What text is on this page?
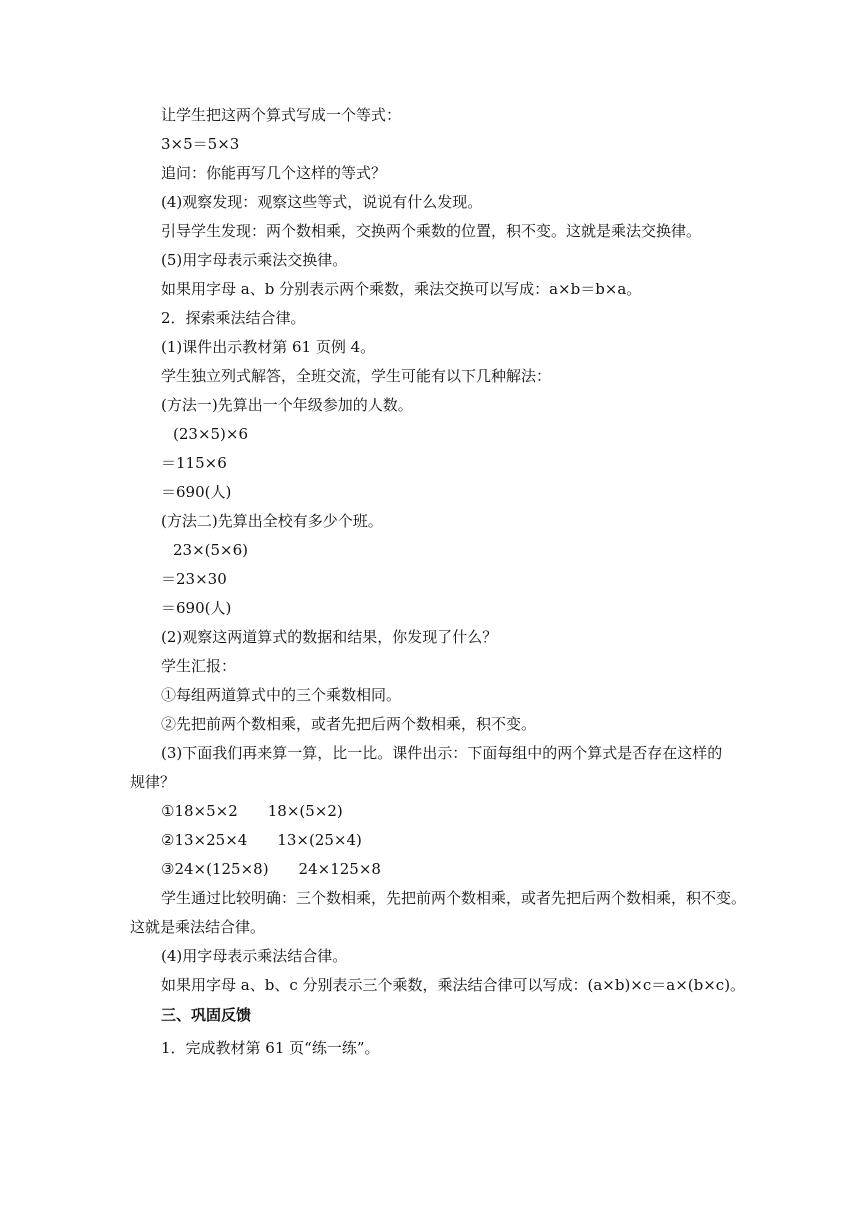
让学生把这两个算式写成一个等式：
3×5＝5×3
追问：你能再写几个这样的等式？
(4)观察发现：观察这些等式，说说有什么发现。
引导学生发现：两个数相乘，交换两个乘数的位置，积不变。这就是乘法交换律。
(5)用字母表示乘法交换律。
如果用字母 a、b 分别表示两个乘数，乘法交换可以写成：a×b＝b×a。
2．探索乘法结合律。
(1)课件出示教材第 61 页例 4。
学生独立列式解答，全班交流，学生可能有以下几种解法：
(方法一)先算出一个年级参加的人数。
(23×5)×6
＝115×6
＝690(人)
(方法二)先算出全校有多少个班。
23×(5×6)
＝23×30
＝690(人)
(2)观察这两道算式的数据和结果，你发现了什么？
学生汇报：
①每组两道算式中的三个乘数相同。
②先把前两个数相乘，或者先把后两个数相乘，积不变。
(3)下面我们再来算一算，比一比。课件出示：下面每组中的两个算式是否存在这样的
规律？
①18×5×2　　18×(5×2)
②13×25×4　　13×(25×4)
③24×(125×8)　　24×125×8
学生通过比较明确：三个数相乘，先把前两个数相乘，或者先把后两个数相乘，积不变。
这就是乘法结合律。
(4)用字母表示乘法结合律。
如果用字母 a、b、c 分别表示三个乘数，乘法结合律可以写成：(a×b)×c＝a×(b×c)。
三、巩固反馈
1．完成教材第 61 页“练一练”。
